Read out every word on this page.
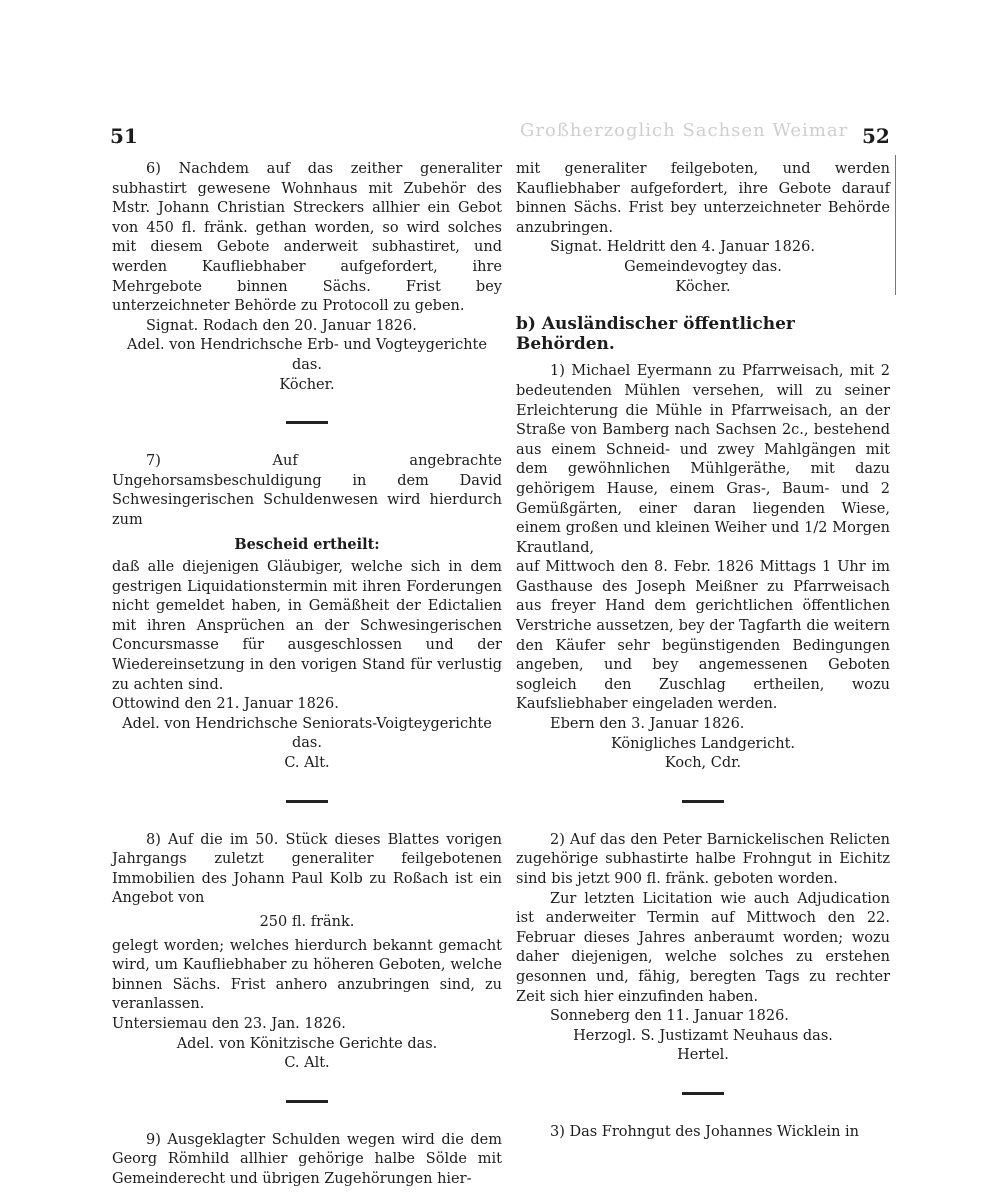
51	Großherzoglich Sachsen Weimar 52

6) Nachdem auf das zeither generaliter subhastirt gewesene Wohnhaus mit Zubehör des Mstr. Johann Christian Streckers allhier ein Gebot von 450 fl. fränk. gethan worden, so wird solches mit diesem Gebote anderweit subhastiret, und werden Kaufliebhaber aufgefordert, ihre Mehrgebote binnen Sächs. Frist bey unterzeichneter Behörde zu Protocoll zu geben.

Signat. Rodach den 20. Januar 1826.

Adel. von Hendrichsche Erb- und Vogteygerichte das.

Köcher.

7) Auf angebrachte Ungehorsamsbeschuldigung in dem David Schwesingerischen Schuldenwesen wird hierdurch zum

Bescheid ertheilt:

daß alle diejenigen Gläubiger, welche sich in dem gestrigen Liquidationstermin mit ihren Forderungen nicht gemeldet haben, in Gemäßheit der Edictalien mit ihren Ansprüchen an der Schwesingerischen Concursmasse für ausgeschlossen und der Wiedereinsetzung in den vorigen Stand für verlustig zu achten sind.

Ottowind den 21. Januar 1826.

Adel. von Hendrichsche Seniorats-Voigteygerichte das.

C. Alt.

8) Auf die im 50. Stück dieses Blattes vorigen Jahrgangs zuletzt generaliter feilgebotenen Immobilien des Johann Paul Kolb zu Roßach ist ein Angebot von

250 fl. fränk.

gelegt worden; welches hierdurch bekannt gemacht wird, um Kaufliebhaber zu höheren Geboten, welche binnen Sächs. Frist anhero anzubringen sind, zu veranlassen.

Untersiemau den 23. Jan. 1826.

Adel. von Könitzische Gerichte das.

C. Alt.

9) Ausgeklagter Schulden wegen wird die dem Georg Römhild allhier gehörige halbe Sölde mit Gemeinderecht und übrigen Zugehörungen hier-

mit generaliter feilgeboten, und werden Kaufliebhaber aufgefordert, ihre Gebote darauf binnen Sächs. Frist bey unterzeichneter Behörde anzubringen.

Signat. Heldritt den 4. Januar 1826.

Gemeindevogtey das.

Köcher.

b) Ausländischer öffentlicher Behörden.

1) Michael Eyermann zu Pfarrweisach, mit 2 bedeutenden Mühlen versehen, will zu seiner Erleichterung die Mühle in Pfarrweisach, an der Straße von Bamberg nach Sachsen 2c., bestehend aus einem Schneid- und zwey Mahlgängen mit dem gewöhnlichen Mühlgeräthe, mit dazu gehörigem Hause, einem Gras-, Baum- und 2 Gemüßgärten, einer daran liegenden Wiese, einem großen und kleinen Weiher und 1/2 Morgen Krautland,

auf Mittwoch den 8. Febr. 1826 Mittags 1 Uhr im Gasthause des Joseph Meißner zu Pfarrweisach aus freyer Hand dem gerichtlichen öffentlichen Verstriche aussetzen, bey der Tagfarth die weitern den Käufer sehr begünstigenden Bedingungen angeben, und bey angemessenen Geboten sogleich den Zuschlag ertheilen, wozu Kaufsliebhaber eingeladen werden.

Ebern den 3. Januar 1826.

Königliches Landgericht.

Koch, Cdr.

2) Auf das den Peter Barnickelischen Relicten zugehörige subhastirte halbe Frohngut in Eichitz sind bis jetzt 900 fl. fränk. geboten worden.

Zur letzten Licitation wie auch Adjudication ist anderweiter Termin auf Mittwoch den 22. Februar dieses Jahres anberaumt worden; wozu daher diejenigen, welche solches zu erstehen gesonnen und, fähig, beregten Tags zu rechter Zeit sich hier einzufinden haben.

Sonneberg den 11. Januar 1826.

Herzogl. S. Justizamt Neuhaus das.

Hertel.

3) Das Frohngut des Johannes Wicklein in
